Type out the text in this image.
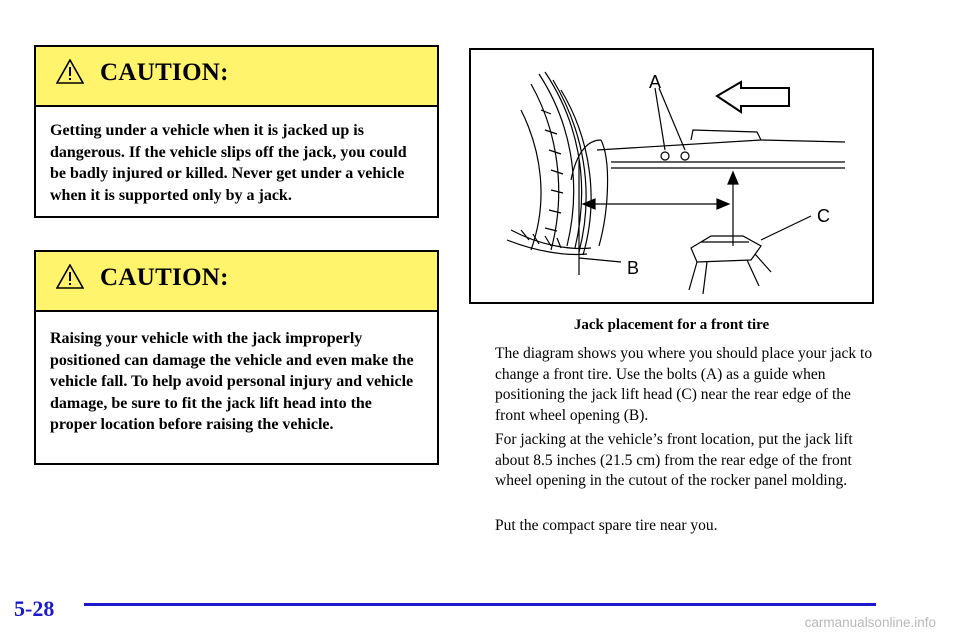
CAUTION:
Getting under a vehicle when it is jacked up is dangerous. If the vehicle slips off the jack, you could be badly injured or killed. Never get under a vehicle when it is supported only by a jack.
CAUTION:
Raising your vehicle with the jack improperly positioned can damage the vehicle and even make the vehicle fall. To help avoid personal injury and vehicle damage, be sure to fit the jack lift head into the proper location before raising the vehicle.
A
C
B
Jack placement for a front tire

The diagram shows you where you should place your jack to change a front tire. Use the bolts (A) as a guide when positioning the jack lift head (C) near the rear edge of the front wheel opening (B).

For jacking at the vehicle’s front location, put the jack lift about 8.5 inches (21.5 cm) from the rear edge of the front wheel opening in the cutout of the rocker panel molding.

Put the compact spare tire near you.

5-28
carmanualsonline.info
